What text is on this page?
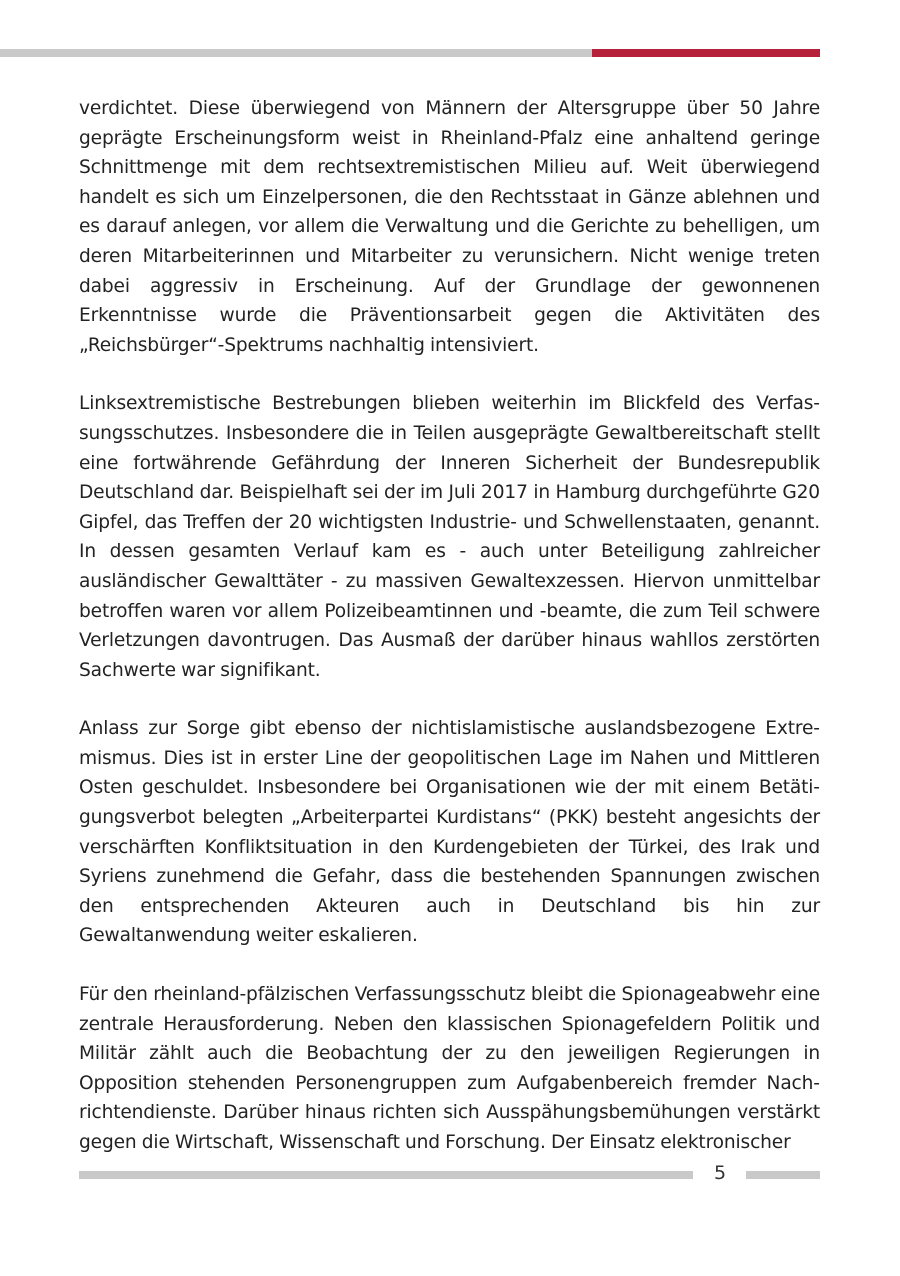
verdichtet. Diese überwiegend von Männern der Altersgruppe über 50 Jahre geprägte Erscheinungsform weist in Rheinland-Pfalz eine anhaltend geringe Schnittmenge mit dem rechtsextremistischen Milieu auf. Weit überwiegend handelt es sich um Einzelpersonen, die den Rechtsstaat in Gänze ablehnen und es darauf anlegen, vor allem die Verwaltung und die Gerichte zu behelligen, um deren Mitarbeiterinnen und Mitarbeiter zu verunsichern. Nicht wenige treten dabei aggressiv in Erscheinung. Auf der Grundlage der gewonnenen Erkenntnisse wurde die Präventionsarbeit gegen die Aktivitäten des „Reichsbürger“-Spektrums nachhaltig intensiviert.

Linksextremistische Bestrebungen blieben weiterhin im Blickfeld des Verfassungsschutzes. Insbesondere die in Teilen ausgeprägte Gewaltbereitschaft stellt eine fortwährende Gefährdung der Inneren Sicherheit der Bundesrepublik Deutschland dar. Beispielhaft sei der im Juli 2017 in Hamburg durchgeführte G20 Gipfel, das Treffen der 20 wichtigsten Industrie- und Schwellenstaaten, genannt. In dessen gesamten Verlauf kam es - auch unter Beteiligung zahlreicher ausländischer Gewalttäter - zu massiven Gewaltexzessen. Hiervon unmittelbar betroffen waren vor allem Polizeibeamtinnen und -beamte, die zum Teil schwere Verletzungen davontrugen. Das Ausmaß der darüber hinaus wahllos zerstörten Sachwerte war signifikant.

Anlass zur Sorge gibt ebenso der nichtislamistische auslandsbezogene Extremismus. Dies ist in erster Line der geopolitischen Lage im Nahen und Mittleren Osten geschuldet. Insbesondere bei Organisationen wie der mit einem Betätigungsverbot belegten „Arbeiterpartei Kurdistans“ (PKK) besteht angesichts der verschärften Konfliktsituation in den Kurdengebieten der Türkei, des Irak und Syriens zunehmend die Gefahr, dass die bestehenden Spannungen zwischen den entsprechenden Akteuren auch in Deutschland bis hin zur Gewaltanwendung weiter eskalieren.

Für den rheinland-pfälzischen Verfassungsschutz bleibt die Spionageabwehr eine zentrale Herausforderung. Neben den klassischen Spionagefeldern Politik und Militär zählt auch die Beobachtung der zu den jeweiligen Regierungen in Opposition stehenden Personengruppen zum Aufgabenbereich fremder Nachrichtendienste. Darüber hinaus richten sich Ausspähungsbemühungen verstärkt gegen die Wirtschaft, Wissenschaft und Forschung. Der Einsatz elektronischer

5
